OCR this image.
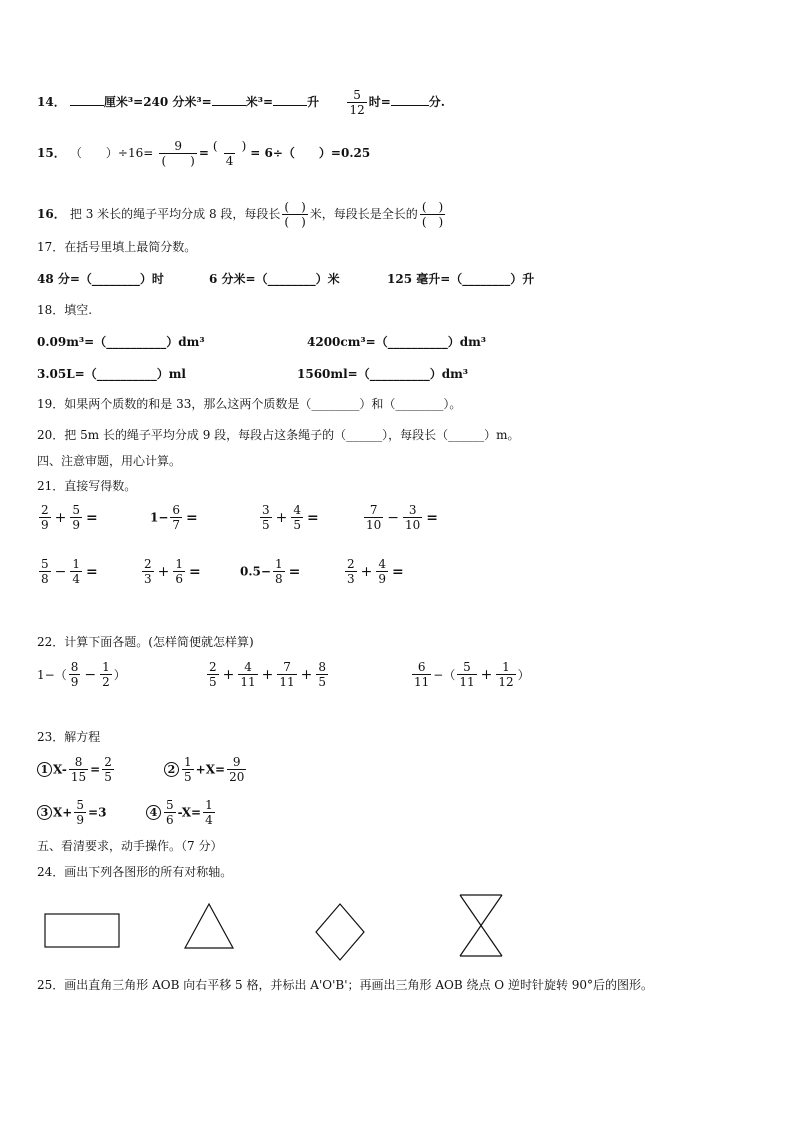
14．	厘米³=240 分米³=	米³=	升 $\frac{5}{12}$ 时=	分.
15． （　　）$\div 16= \frac{9}{( )} = \frac{( )}{4} = 6\div$（　　）=0.25
16． 把 3 米长的绳子平均分成 8 段，每段长 $\frac{( )}{( )}$ 米，每段长是全长的 $\frac{( )}{( )}$
17．在括号里填上最简分数。
48 分=（________）时	6 分米=（________）米	125 毫升=（________）升
18．填空.
0.09m³=（__________）dm³	4200cm³=（__________）dm³
3.05L=（__________）ml	1560ml=（__________）dm³
19．如果两个质数的和是 33，那么这两个质数是（________）和（________）。
20．把 5m 长的绳子平均分成 9 段，每段占这条绳子的（______），每段长（______）m。
四、注意审题，用心计算。
21．直接写得数。
$\frac{2}{9} + \frac{5}{9}$ =	$1- \frac{6}{7}$ =	$\frac{3}{5} + \frac{4}{5}$ =	$\frac{7}{10} - \frac{3}{10}$ =
$\frac{5}{8} - \frac{1}{4}$ =	$\frac{2}{3} + \frac{1}{6}$ =	$0.5- \frac{1}{8}$ =	$\frac{2}{3} + \frac{4}{9}$ =
22．计算下面各题。(怎样简便就怎样算)
$1-( \frac{8}{9} - \frac{1}{2}$ ）	$\frac{2}{5} + \frac{4}{11} + \frac{7}{11} + \frac{8}{5}$	$\frac{6}{11}$ −（ $\frac{5}{11} + \frac{1}{12}$ ）
23．解方程
1 $X- \frac{8}{15} = \frac{2}{5}$	$2 \frac{1}{5} +X= \frac{9}{20}$
3 $X+ \frac{5}{9} =3$	$4 \frac{5}{6} -X= \frac{1}{4}$
五、看清要求，动手操作。（7 分）
24．画出下列各图形的所有对称轴。
25．画出直角三角形 AOB 向右平移 5 格，并标出 A'O'B'；再画出三角形 AOB 绕点 O 逆时针旋转 90°后的图形。
